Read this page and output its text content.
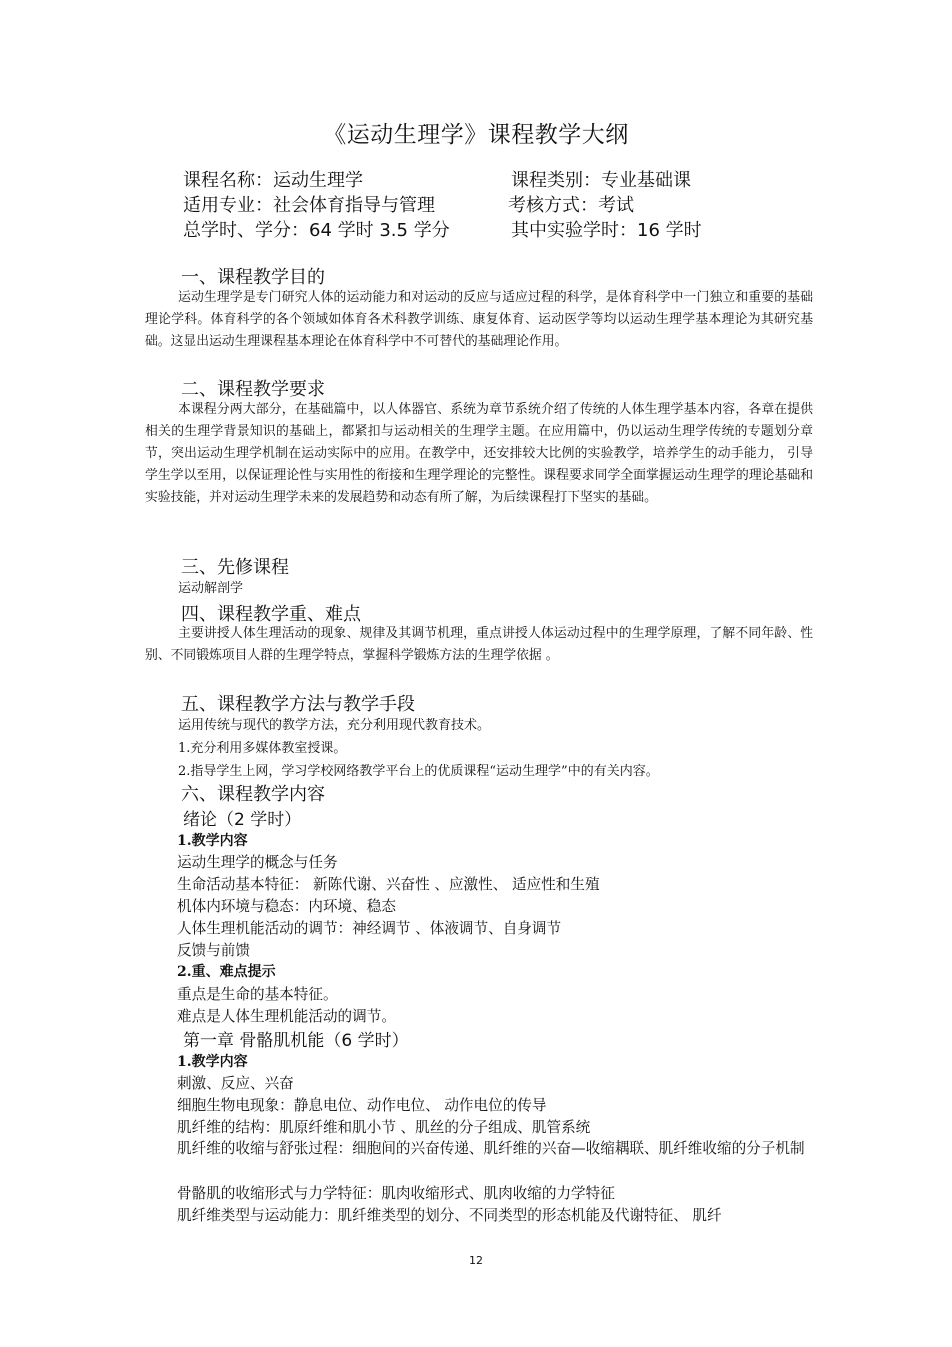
《运动生理学》课程教学大纲
课程名称：运动生理学	课程类别：专业基础课
适用专业：社会体育指导与管理	考核方式：考试
总学时、学分：64 学时 3.5 学分	其中实验学时：16 学时
一、课程教学目的
运动生理学是专门研究人体的运动能力和对运动的反应与适应过程的科学，是体育科学中一门独立和重要的基础理论学科。体育科学的各个领域如体育各术科教学训练、康复体育、运动医学等均以运动生理学基本理论为其研究基础。这显出运动生理课程基本理论在体育科学中不可替代的基础理论作用。
二、课程教学要求
本课程分两大部分，在基础篇中，以人体器官、系统为章节系统介绍了传统的人体生理学基本内容，各章在提供相关的生理学背景知识的基础上，都紧扣与运动相关的生理学主题。在应用篇中，仍以运动生理学传统的专题划分章节，突出运动生理学机制在运动实际中的应用。在教学中，还安排较大比例的实验教学，培养学生的动手能力， 引导学生学以至用，以保证理论性与实用性的衔接和生理学理论的完整性。课程要求同学全面掌握运动生理学的理论基础和实验技能，并对运动生理学未来的发展趋势和动态有所了解，为后续课程打下坚实的基础。
三、先修课程
运动解剖学
四、课程教学重、难点
主要讲授人体生理活动的现象、规律及其调节机理，重点讲授人体运动过程中的生理学原理，了解不同年龄、性别、不同锻炼项目人群的生理学特点，掌握科学锻炼方法的生理学依据 。
五、课程教学方法与教学手段
运用传统与现代的教学方法，充分利用现代教育技术。
1.充分利用多媒体教室授课。
2.指导学生上网，学习学校网络教学平台上的优质课程“运动生理学”中的有关内容。
六、课程教学内容
绪论（2 学时）
1.教学内容
运动生理学的概念与任务
生命活动基本特征： 新陈代谢、兴奋性 、应激性、 适应性和生殖
机体内环境与稳态：内环境、稳态
人体生理机能活动的调节：神经调节 、体液调节、自身调节
反馈与前馈
2.重、难点提示
重点是生命的基本特征。
难点是人体生理机能活动的调节。
第一章 骨骼肌机能（6 学时）
1.教学内容
刺激、反应、兴奋
细胞生物电现象：静息电位、动作电位、 动作电位的传导
肌纤维的结构：肌原纤维和肌小节 、肌丝的分子组成、肌管系统
肌纤维的收缩与舒张过程：细胞间的兴奋传递、肌纤维的兴奋—收缩耦联、肌纤维收缩的分子机制
骨骼肌的收缩形式与力学特征：肌肉收缩形式、肌肉收缩的力学特征
肌纤维类型与运动能力：肌纤维类型的划分、不同类型的形态机能及代谢特征、 肌纤
12
